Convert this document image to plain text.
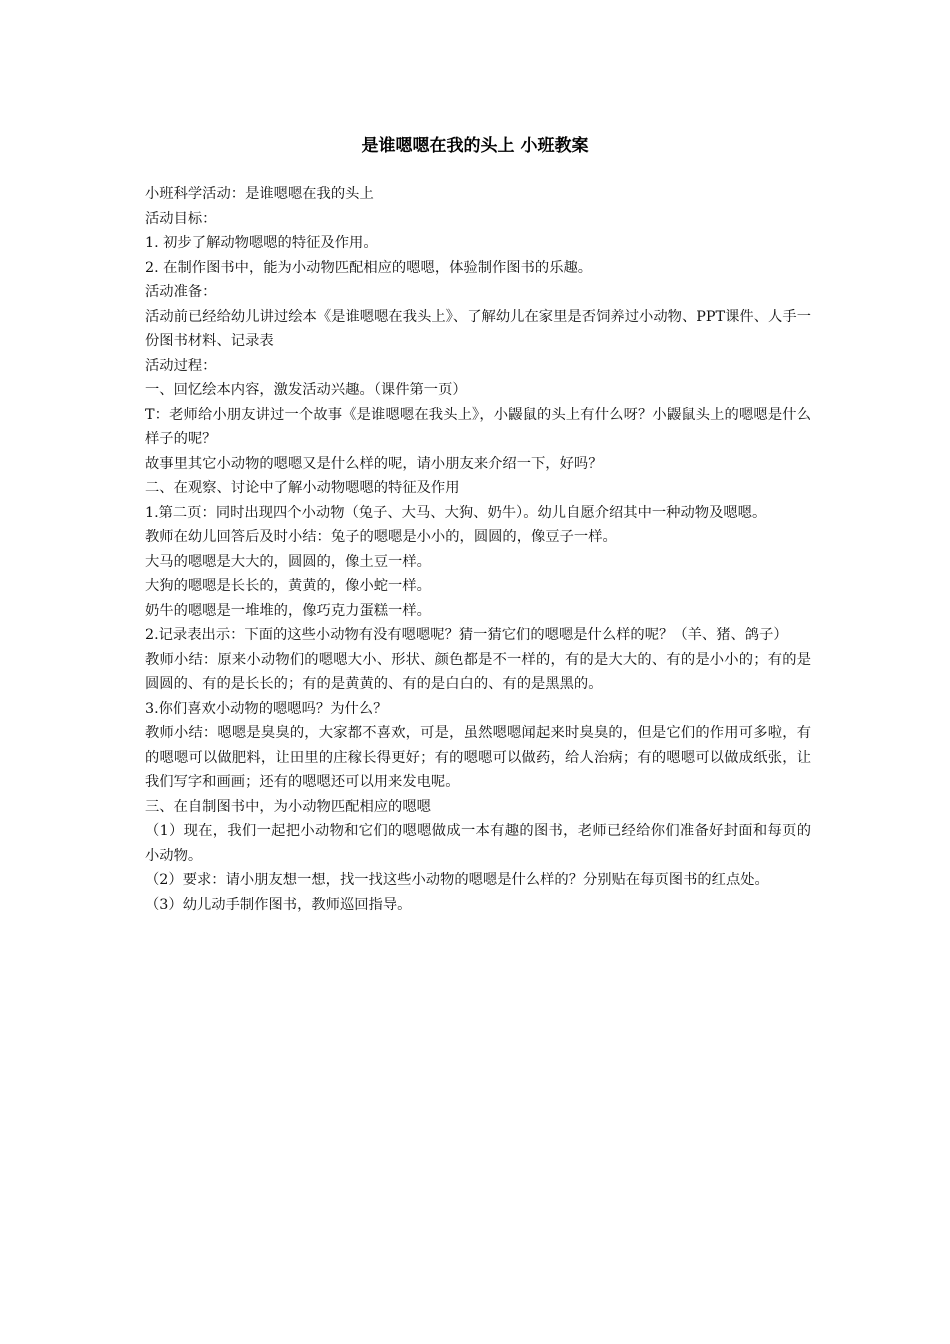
是谁嗯嗯在我的头上 小班教案

小班科学活动：是谁嗯嗯在我的头上

活动目标：

1. 初步了解动物嗯嗯的特征及作用。

2. 在制作图书中，能为小动物匹配相应的嗯嗯，体验制作图书的乐趣。

活动准备：

活动前已经给幼儿讲过绘本《是谁嗯嗯在我头上》、了解幼儿在家里是否饲养过小动物、PPT课件、人手一份图书材料、记录表

活动过程：

一、回忆绘本内容，激发活动兴趣。（课件第一页）

T：老师给小朋友讲过一个故事《是谁嗯嗯在我头上》，小鼹鼠的头上有什么呀？小鼹鼠头上的嗯嗯是什么样子的呢？

故事里其它小动物的嗯嗯又是什么样的呢，请小朋友来介绍一下，好吗？

二、在观察、讨论中了解小动物嗯嗯的特征及作用

1.第二页：同时出现四个小动物（兔子、大马、大狗、奶牛）。幼儿自愿介绍其中一种动物及嗯嗯。

教师在幼儿回答后及时小结：兔子的嗯嗯是小小的，圆圆的，像豆子一样。

大马的嗯嗯是大大的，圆圆的，像土豆一样。

大狗的嗯嗯是长长的，黄黄的，像小蛇一样。

奶牛的嗯嗯是一堆堆的，像巧克力蛋糕一样。

2.记录表出示：下面的这些小动物有没有嗯嗯呢？猜一猜它们的嗯嗯是什么样的呢？（羊、猪、鸽子）

教师小结：原来小动物们的嗯嗯大小、形状、颜色都是不一样的，有的是大大的、有的是小小的；有的是圆圆的、有的是长长的；有的是黄黄的、有的是白白的、有的是黑黑的。

3.你们喜欢小动物的嗯嗯吗？为什么？

教师小结：嗯嗯是臭臭的，大家都不喜欢，可是，虽然嗯嗯闻起来时臭臭的，但是它们的作用可多啦，有的嗯嗯可以做肥料，让田里的庄稼长得更好；有的嗯嗯可以做药，给人治病；有的嗯嗯可以做成纸张，让我们写字和画画；还有的嗯嗯还可以用来发电呢。

三、在自制图书中，为小动物匹配相应的嗯嗯

（1）现在，我们一起把小动物和它们的嗯嗯做成一本有趣的图书，老师已经给你们准备好封面和每页的小动物。

（2）要求：请小朋友想一想，找一找这些小动物的嗯嗯是什么样的？分别贴在每页图书的红点处。

（3）幼儿动手制作图书，教师巡回指导。
